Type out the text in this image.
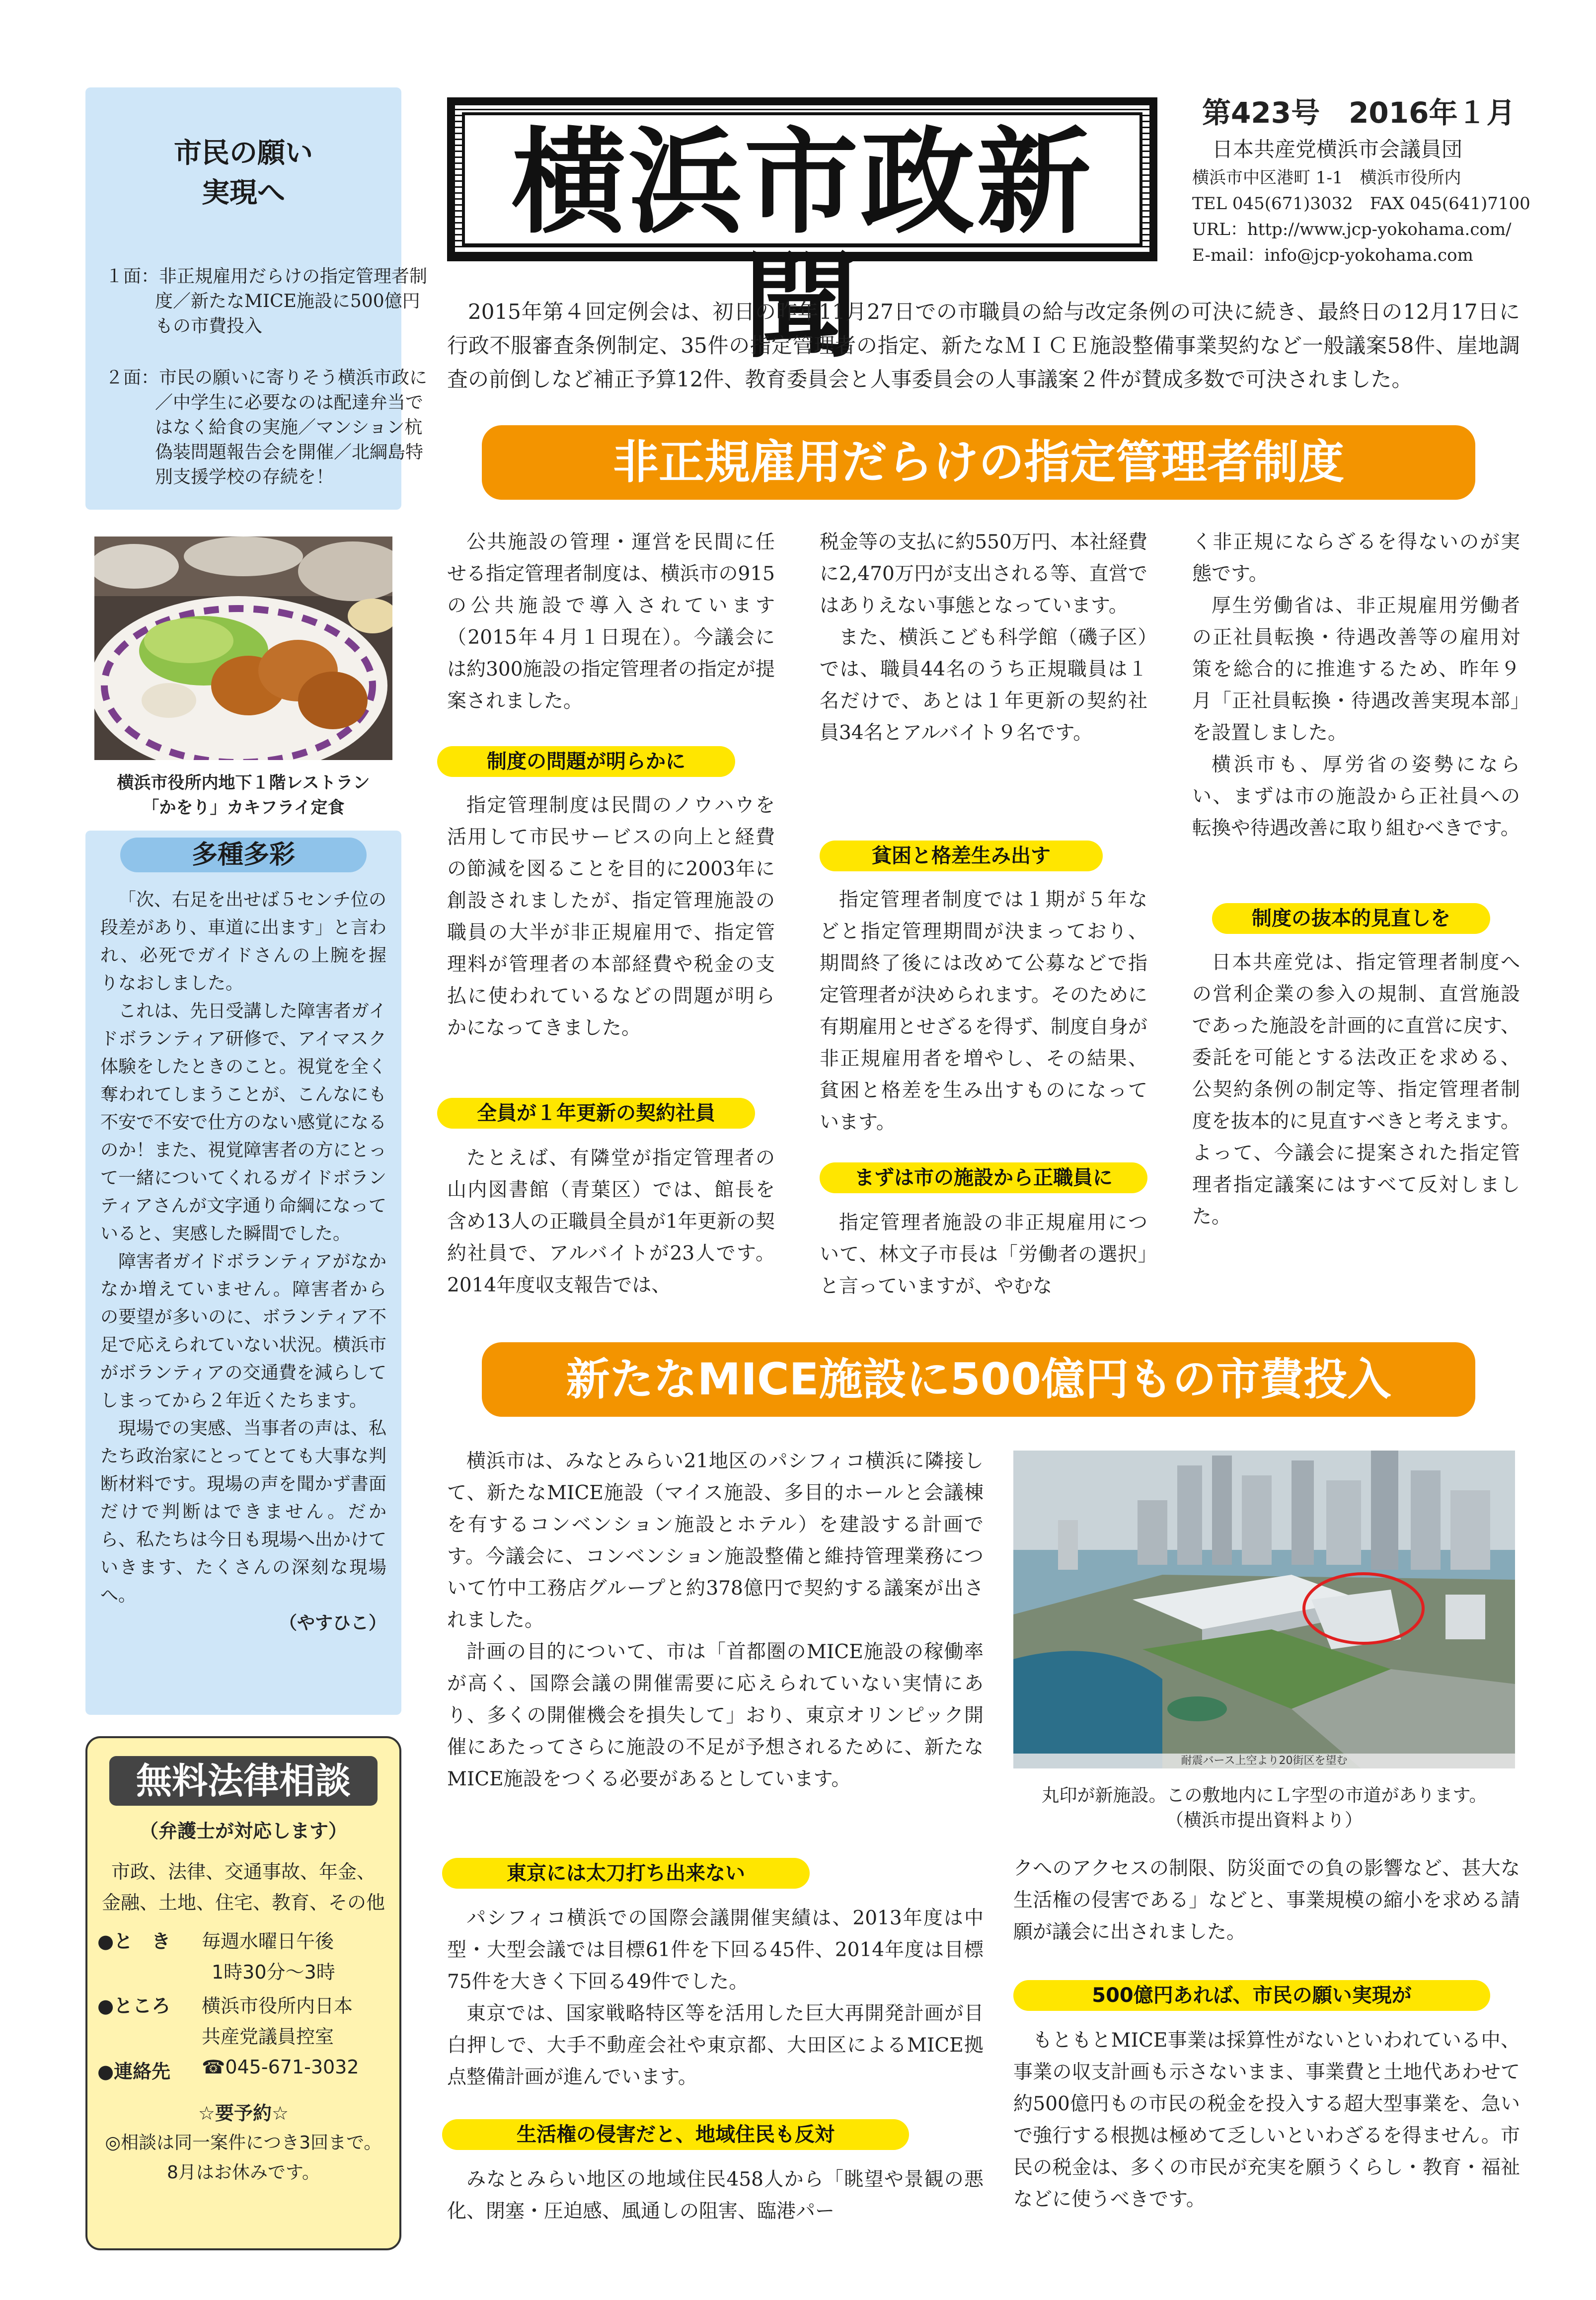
市民の願い
実現へ
１面：非正規雇用だらけの指定管理者制度／新たなMICE施設に500億円もの市費投入
２面：市民の願いに寄りそう横浜市政に／中学生に必要なのは配達弁当ではなく給食の実施／マンション杭偽装問題報告会を開催／北綱島特別支援学校の存続を！
横浜市役所内地下１階レストラン
「かをり」カキフライ定食
多種多彩

「次、右足を出せば５センチ位の段差があり、車道に出ます」と言われ、必死でガイドさんの上腕を握りなおしました。

これは、先日受講した障害者ガイドボランティア研修で、アイマスク体験をしたときのこと。視覚を全く奪われてしまうことが、こんなにも不安で不安で仕方のない感覚になるのか！また、視覚障害者の方にとって一緒についてくれるガイドボランティアさんが文字通り命綱になっていると、実感した瞬間でした。

障害者ガイドボランティアがなかなか増えていません。障害者からの要望が多いのに、ボランティア不足で応えられていない状況。横浜市がボランティアの交通費を減らしてしまってから２年近くたちます。

現場での実感、当事者の声は、私たち政治家にとってとても大事な判断材料です。現場の声を聞かず書面だけで判断はできません。だから、私たちは今日も現場へ出かけていきます、たくさんの深刻な現場へ。

（やすひこ）

無料法律相談
（弁護士が対応します）
市政、法律、交通事故、年金、
金融、土地、住宅、教育、その他
●と　き 毎週水曜日午後
1時30分～3時
●ところ 横浜市役所内日本
共産党議員控室
●連絡先 ☎045-671-3032
☆要予約☆
◎相談は同一案件につき3回まで。
8月はお休みです。
横浜市政新聞
第423号　2016年１月
日本共産党横浜市会議員団
横浜市中区港町 1-1　横浜市役所内
TEL 045(671)3032　FAX 045(641)7100
URL：http://www.jcp-yokohama.com/
E-mail：info@jcp-yokohama.com

2015年第４回定例会は、初日の昨年11月27日での市職員の給与改定条例の可決に続き、最終日の12月17日に行政不服審査条例制定、35件の指定管理者の指定、新たなＭＩＣＥ施設整備事業契約など一般議案58件、崖地調査の前倒しなど補正予算12件、教育委員会と人事委員会の人事議案２件が賛成多数で可決されました。

非正規雇用だらけの指定管理者制度

公共施設の管理・運営を民間に任せる指定管理者制度は、横浜市の915の公共施設で導入されています（2015年４月１日現在）。今議会には約300施設の指定管理者の指定が提案されました。

制度の問題が明らかに

指定管理制度は民間のノウハウを活用して市民サービスの向上と経費の節減を図ることを目的に2003年に創設されましたが、指定管理施設の職員の大半が非正規雇用で、指定管理料が管理者の本部経費や税金の支払に使われているなどの問題が明らかになってきました。

全員が１年更新の契約社員

たとえば、有隣堂が指定管理者の山内図書館（青葉区）では、館長を含め13人の正職員全員が1年更新の契約社員で、アルバイトが23人です。2014年度収支報告では、

税金等の支払に約550万円、本社経費に2,470万円が支出される等、直営ではありえない事態となっています。

また、横浜こども科学館（磯子区）では、職員44名のうち正規職員は１名だけで、あとは１年更新の契約社員34名とアルバイト９名です。

貧困と格差生み出す

指定管理者制度では１期が５年などと指定管理期間が決まっており、期間終了後には改めて公募などで指定管理者が決められます。そのために有期雇用とせざるを得ず、制度自身が非正規雇用者を増やし、その結果、貧困と格差を生み出すものになっています。

まずは市の施設から正職員に

指定管理者施設の非正規雇用について、林文子市長は「労働者の選択」と言っていますが、やむな

く非正規にならざるを得ないのが実態です。

厚生労働省は、非正規雇用労働者の正社員転換・待遇改善等の雇用対策を総合的に推進するため、昨年９月「正社員転換・待遇改善実現本部」を設置しました。

横浜市も、厚労省の姿勢にならい、まずは市の施設から正社員への転換や待遇改善に取り組むべきです。

制度の抜本的見直しを

日本共産党は、指定管理者制度への営利企業の参入の規制、直営施設であった施設を計画的に直営に戻す、委託を可能とする法改正を求める、公契約条例の制定等、指定管理者制度を抜本的に見直すべきと考えます。よって、今議会に提案された指定管理者指定議案にはすべて反対しました。

新たなMICE施設に500億円もの市費投入

横浜市は、みなとみらい21地区のパシフィコ横浜に隣接して、新たなMICE施設（マイス施設、多目的ホールと会議棟を有するコンベンション施設とホテル）を建設する計画です。今議会に、コンベンション施設整備と維持管理業務について竹中工務店グループと約378億円で契約する議案が出されました。

計画の目的について、市は「首都圏のMICE施設の稼働率が高く、国際会議の開催需要に応えられていない実情にあり、多くの開催機会を損失して」おり、東京オリンピック開催にあたってさらに施設の不足が予想されるために、新たなMICE施設をつくる必要があるとしています。

耐震バース上空より20街区を望む
丸印が新施設。この敷地内にＬ字型の市道があります。
（横浜市提出資料より）
東京には太刀打ち出来ない

パシフィコ横浜での国際会議開催実績は、2013年度は中型・大型会議では目標61件を下回る45件、2014年度は目標75件を大きく下回る49件でした。

東京では、国家戦略特区等を活用した巨大再開発計画が目白押しで、大手不動産会社や東京都、大田区によるMICE拠点整備計画が進んでいます。

生活権の侵害だと、地域住民も反対

みなとみらい地区の地域住民458人から「眺望や景観の悪化、閉塞・圧迫感、風通しの阻害、臨港パー

クへのアクセスの制限、防災面での負の影響など、甚大な生活権の侵害である」などと、事業規模の縮小を求める請願が議会に出されました。

500億円あれば、市民の願い実現が

もともとMICE事業は採算性がないといわれている中、事業の収支計画も示さないまま、事業費と土地代あわせて約500億円もの市民の税金を投入する超大型事業を、急いで強行する根拠は極めて乏しいといわざるを得ません。市民の税金は、多くの市民が充実を願うくらし・教育・福祉などに使うべきです。
